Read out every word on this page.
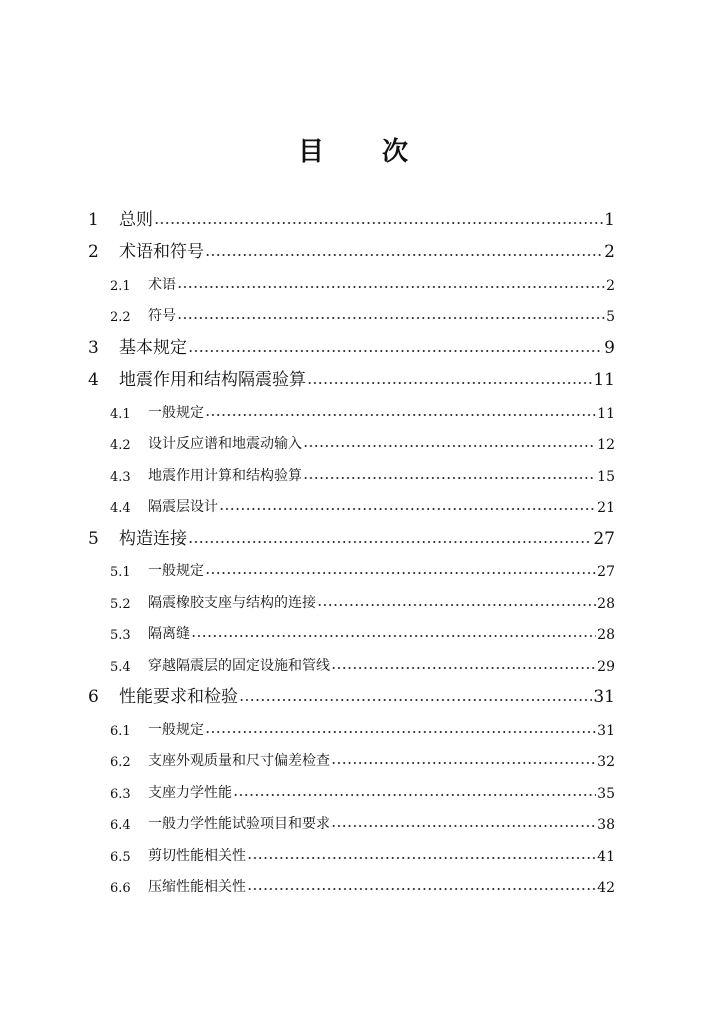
目 次
1	总则	1
2	术语和符号	2
2.1	术语	2
2.2	符号	5
3	基本规定	9
4	地震作用和结构隔震验算	11
4.1	一般规定	11
4.2	设计反应谱和地震动输入	12
4.3	地震作用计算和结构验算	15
4.4	隔震层设计	21
5	构造连接	27
5.1	一般规定	27
5.2	隔震橡胶支座与结构的连接	28
5.3	隔离缝	28
5.4	穿越隔震层的固定设施和管线	29
6	性能要求和检验	31
6.1	一般规定	31
6.2	支座外观质量和尺寸偏差检查	32
6.3	支座力学性能	35
6.4	一般力学性能试验项目和要求	38
6.5	剪切性能相关性	41
6.6	压缩性能相关性	42
